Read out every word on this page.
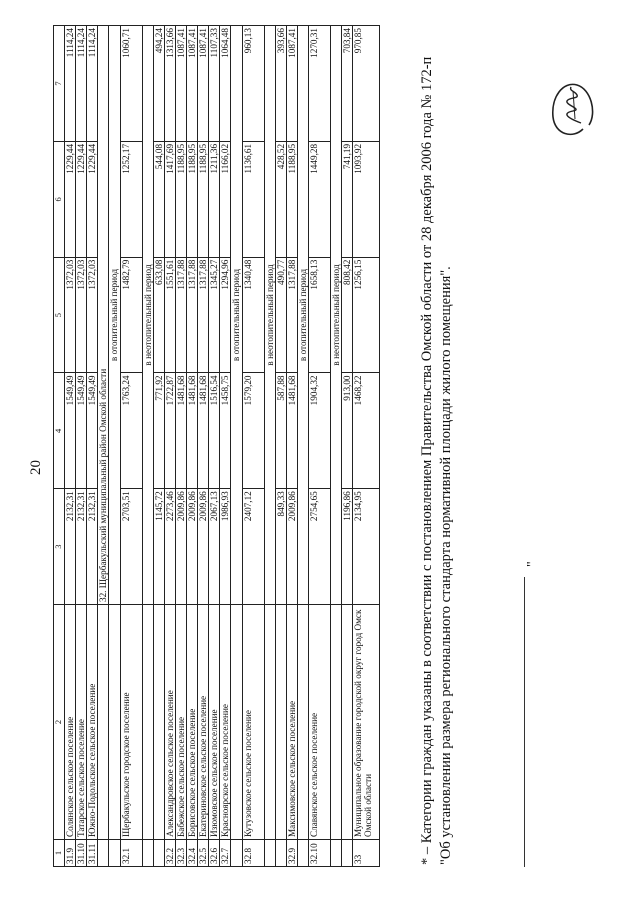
20
1	2	3	4	5	6	7
31.9	Солянское сельское поселение	2132,31	1549,49	1372,03	1229,44	1114,24
31.10	Татарское сельское поселение	2132,31	1549,49	1372,03	1229,44	1114,24
31.11	Южно-Подольское сельское поселение	2132,31	1549,49	1372,03	1229,44	1114,24
		32. Щербакульский муниципальный район Омской области				
		в отопительный период				
32.1	Щербакульское городское поселение	2703,51	1763,24	1482,79	1252,17	1060,71
		в неотопительный период				
		1145,72	771,92	633,08	544,08	494,24
32.2	Александровское сельское поселение	2273,46	1722,87	1551,61	1417,69	1313,66
32.3	Бабежское сельское поселение	2009,86	1481,68	1317,88	1188,95	1087,41
32.4	Борисовское сельское поселение	2009,86	1481,68	1317,88	1188,95	1087,41
32.5	Екатериновское сельское поселение	2009,86	1481,68	1317,88	1188,95	1087,41
32.6	Изюмовское сельское поселение	2067,13	1516,54	1345,27	1211,36	1107,33
32.7	Красноярское сельское поселение	1986,93	1458,75	1294,96	1166,02	1064,48
		в отопительный период				
32.8	Кутузовское сельское поселение	2407,12	1579,20	1340,48	1136,61	960,13
		в неотопительный период				
		849,33	587,88	490,77	428,52	393,66
32.9	Максимовское сельское поселение	2009,86	1481,68	1317,88	1188,95	1087,41
		в отопительный период				
32.10	Славянское сельское поселение	2754,65	1904,32	1658,13	1449,28	1270,31
		в неотопительный период				
		1196,86	913,00	808,42	741,19	703,84
33	Муниципальное образование городской округ город Омск Омской области	2134,95	1468,22	1256,15	1093,92	970,85
"
* – Категории граждан указаны в соответствии с постановлением Правительства Омской области от 28 декабря 2006 года № 172-п "Об установлении размера регионального стандарта нормативной площади жилого помещения".
